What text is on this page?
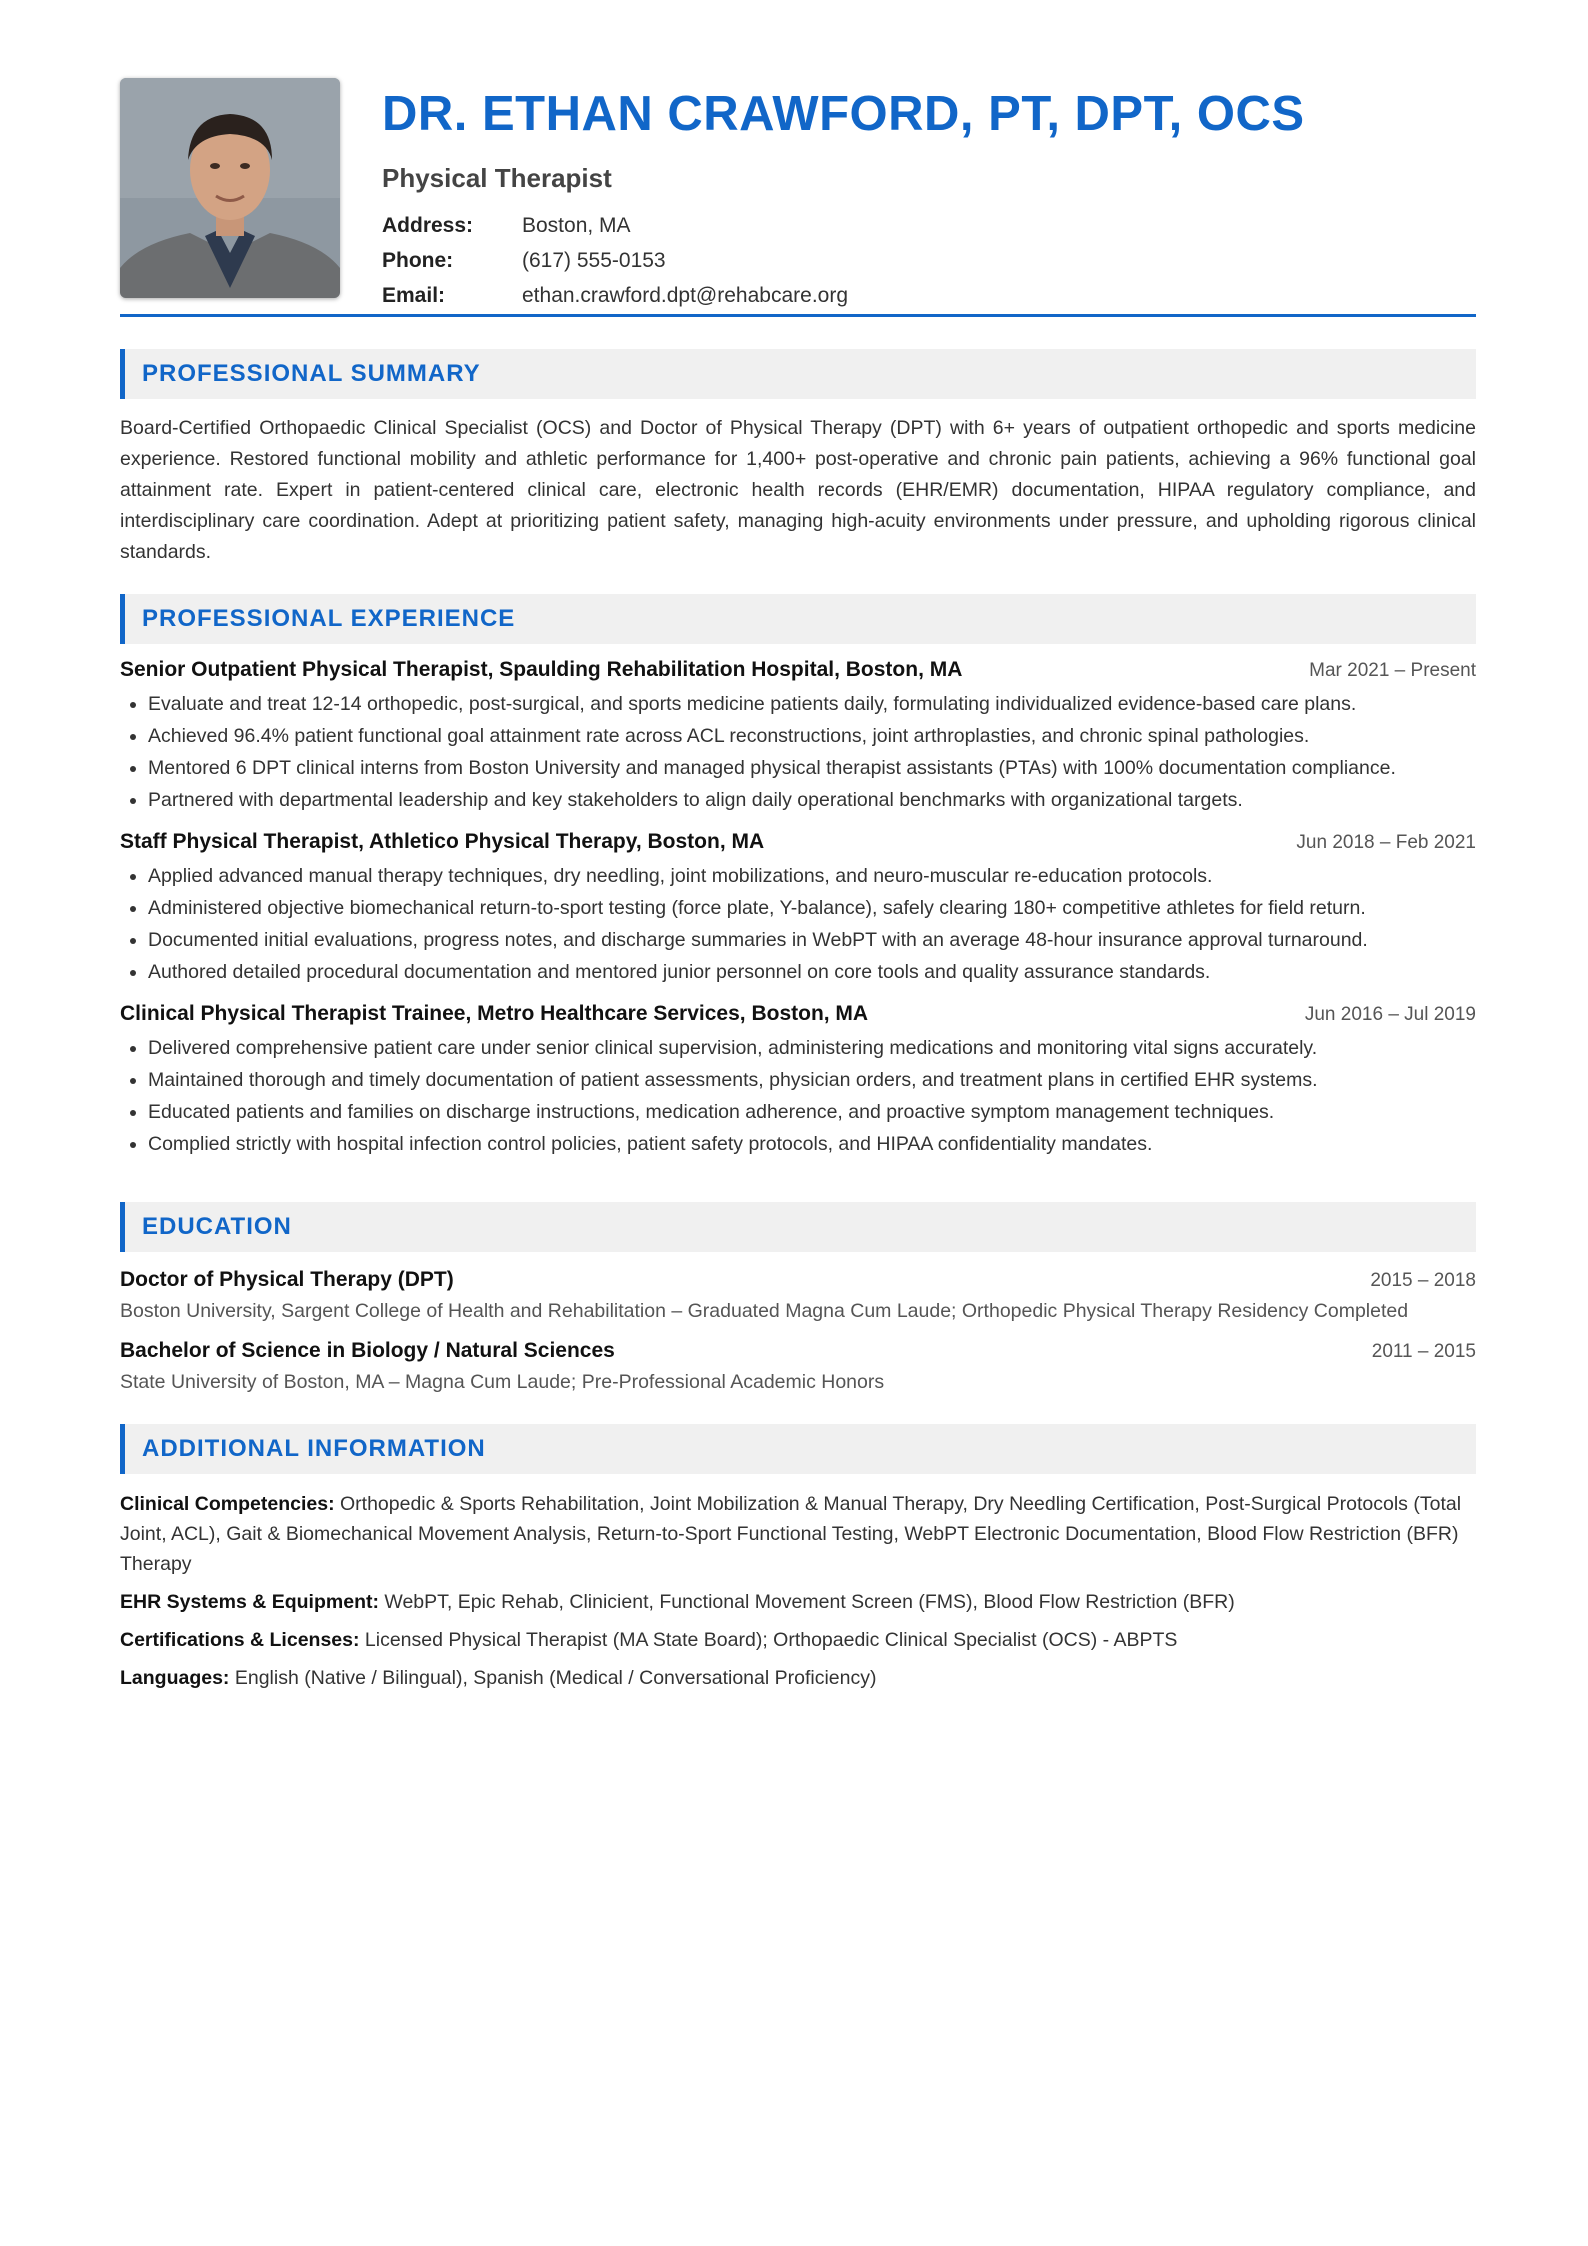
DR. ETHAN CRAWFORD, PT, DPT, OCS
Physical Therapist
Address:	Boston, MA
Phone:	(617) 555-0153
Email:	ethan.crawford.dpt@rehabcare.org
PROFESSIONAL SUMMARY
Board-Certified Orthopaedic Clinical Specialist (OCS) and Doctor of Physical Therapy (DPT) with 6+ years of outpatient orthopedic and sports medicine experience. Restored functional mobility and athletic performance for 1,400+ post-operative and chronic pain patients, achieving a 96% functional goal attainment rate. Expert in patient-centered clinical care, electronic health records (EHR/EMR) documentation, HIPAA regulatory compliance, and interdisciplinary care coordination. Adept at prioritizing patient safety, managing high-acuity environments under pressure, and upholding rigorous clinical standards.
PROFESSIONAL EXPERIENCE
Senior Outpatient Physical Therapist, Spaulding Rehabilitation Hospital, Boston, MA	Mar 2021 – Present
• Evaluate and treat 12-14 orthopedic, post-surgical, and sports medicine patients daily, formulating individualized evidence-based care plans.
• Achieved 96.4% patient functional goal attainment rate across ACL reconstructions, joint arthroplasties, and chronic spinal pathologies.
• Mentored 6 DPT clinical interns from Boston University and managed physical therapist assistants (PTAs) with 100% documentation compliance.
• Partnered with departmental leadership and key stakeholders to align daily operational benchmarks with organizational targets.
Staff Physical Therapist, Athletico Physical Therapy, Boston, MA	Jun 2018 – Feb 2021
• Applied advanced manual therapy techniques, dry needling, joint mobilizations, and neuro-muscular re-education protocols.
• Administered objective biomechanical return-to-sport testing (force plate, Y-balance), safely clearing 180+ competitive athletes for field return.
• Documented initial evaluations, progress notes, and discharge summaries in WebPT with an average 48-hour insurance approval turnaround.
• Authored detailed procedural documentation and mentored junior personnel on core tools and quality assurance standards.
Clinical Physical Therapist Trainee, Metro Healthcare Services, Boston, MA	Jun 2016 – Jul 2019
• Delivered comprehensive patient care under senior clinical supervision, administering medications and monitoring vital signs accurately.
• Maintained thorough and timely documentation of patient assessments, physician orders, and treatment plans in certified EHR systems.
• Educated patients and families on discharge instructions, medication adherence, and proactive symptom management techniques.
• Complied strictly with hospital infection control policies, patient safety protocols, and HIPAA confidentiality mandates.
EDUCATION
Doctor of Physical Therapy (DPT)	2015 – 2018
Boston University, Sargent College of Health and Rehabilitation – Graduated Magna Cum Laude; Orthopedic Physical Therapy Residency Completed
Bachelor of Science in Biology / Natural Sciences	2011 – 2015
State University of Boston, MA – Magna Cum Laude; Pre-Professional Academic Honors
ADDITIONAL INFORMATION
Clinical Competencies: Orthopedic & Sports Rehabilitation, Joint Mobilization & Manual Therapy, Dry Needling Certification, Post-Surgical Protocols (Total Joint, ACL), Gait & Biomechanical Movement Analysis, Return-to-Sport Functional Testing, WebPT Electronic Documentation, Blood Flow Restriction (BFR) Therapy
EHR Systems & Equipment: WebPT, Epic Rehab, Clinicient, Functional Movement Screen (FMS), Blood Flow Restriction (BFR)
Certifications & Licenses: Licensed Physical Therapist (MA State Board); Orthopaedic Clinical Specialist (OCS) - ABPTS
Languages: English (Native / Bilingual), Spanish (Medical / Conversational Proficiency)
